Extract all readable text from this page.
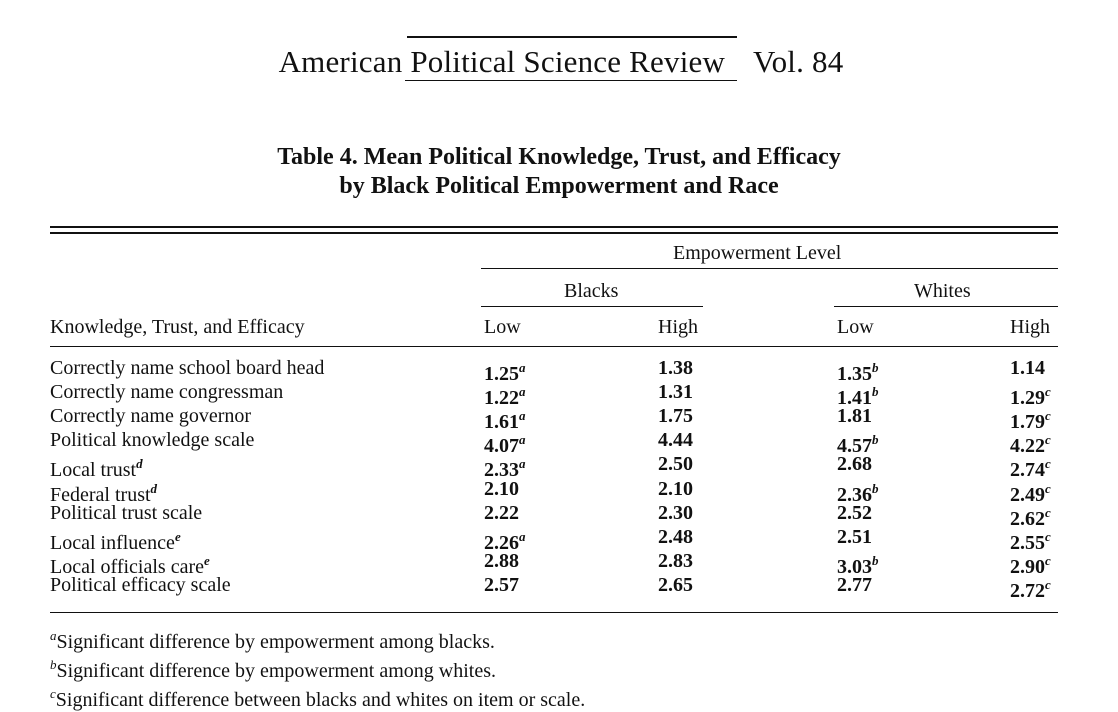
American Political Science Review Vol. 84
Table 4. Mean Political Knowledge, Trust, and Efficacy
by Black Political Empowerment and Race
Empowerment Level
Blacks	Whites
Knowledge, Trust, and Efficacy	Low	High	Low	High
Correctly name school board head	1.25$^a$	1.38	1.35$^b$	1.14
Correctly name congressman	1.22$^a$	1.31	1.41$^b$	1.29$^c$
Correctly name governor	1.61$^a$	1.75	1.81	1.79$^c$
Political knowledge scale	4.07$^a$	4.44	4.57$^b$	4.22$^c$
Local trust$^d$	2.33$^a$	2.50	2.68	2.74$^c$
Federal trust$^d$	2.10	2.10	2.36$^b$	2.49$^c$
Political trust scale	2.22	2.30	2.52	2.62$^c$
Local influence$^e$	2.26$^a$	2.48	2.51	2.55$^c$
Local officials care$^e$	2.88	2.83	3.03$^b$	2.90$^c$
Political efficacy scale	2.57	2.65	2.77	2.72$^c$
$^a$Significant difference by empowerment among blacks.
$^b$Significant difference by empowerment among whites.
$^c$Significant difference between blacks and whites on item or scale.
